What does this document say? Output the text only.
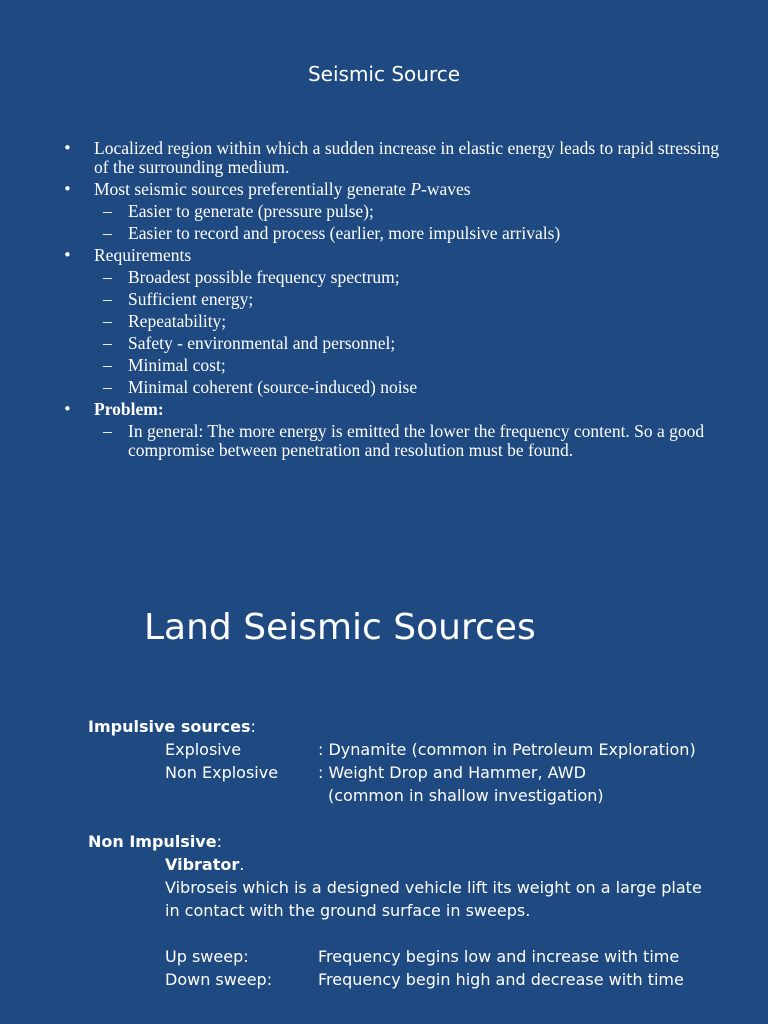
Seismic Source
• Localized region within which a sudden increase in elastic energy leads to rapid stressing of the surrounding medium.
• Most seismic sources preferentially generate P-waves
– Easier to generate (pressure pulse);
– Easier to record and process (earlier, more impulsive arrivals)
• Requirements
– Broadest possible frequency spectrum;
– Sufficient energy;
– Repeatability;
– Safety - environmental and personnel;
– Minimal cost;
– Minimal coherent (source-induced) noise
• Problem:
– In general: The more energy is emitted the lower the frequency content. So a good compromise between penetration and resolution must be found.
Land Seismic Sources
Impulsive sources:
Explosive	: Dynamite (common in Petroleum Exploration)
Non Explosive : Weight Drop and Hammer, AWD
(common in shallow investigation)
Non Impulsive:
Vibrator.
Vibroseis which is a designed vehicle lift its weight on a large plate
in contact with the ground surface in sweeps.
Up sweep:	Frequency begins low and increase with time
Down sweep:	Frequency begin high and decrease with time
